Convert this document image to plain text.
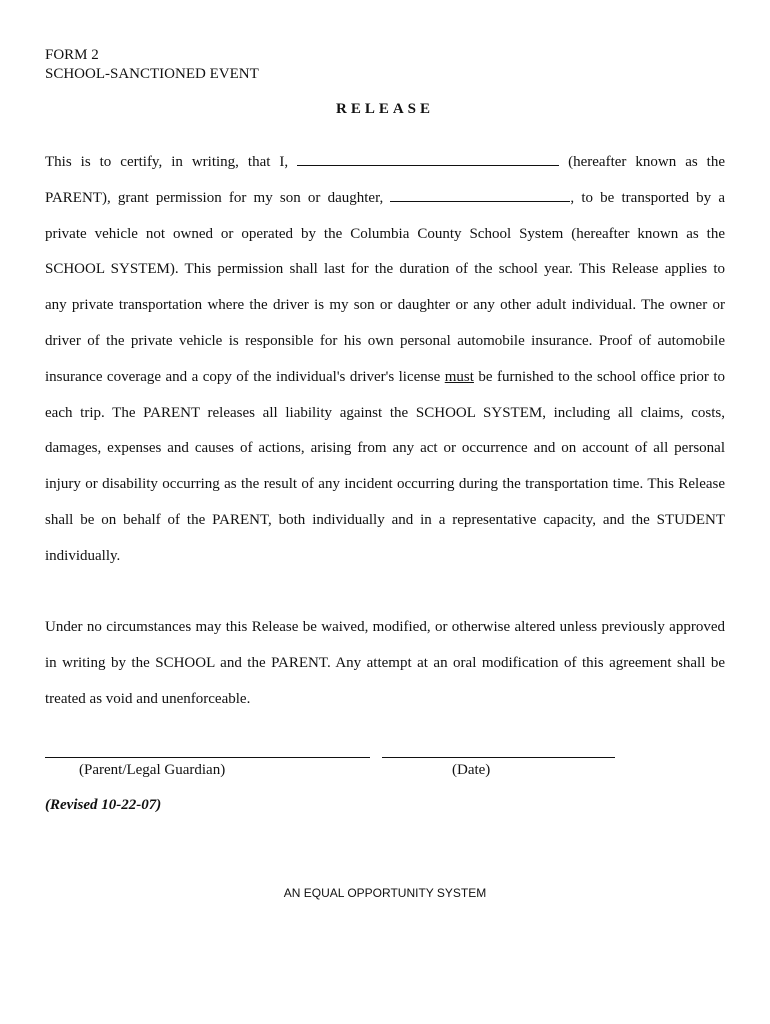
FORM 2
SCHOOL-SANCTIONED EVENT
RELEASE
This is to certify, in writing, that I,	(hereafter known as the
PARENT), grant permission for my son or daughter,	, to be transported by a
private vehicle not owned or operated by the Columbia County School System (hereafter known as the
SCHOOL SYSTEM). This permission shall last for the duration of the school year. This Release applies to
any private transportation where the driver is my son or daughter or any other adult individual. The owner or
driver of the private vehicle is responsible for his own personal automobile insurance. Proof of automobile
insurance coverage and a copy of the individual's driver's license must be furnished to the school office prior to
each trip. The PARENT releases all liability against the SCHOOL SYSTEM, including all claims, costs,
damages, expenses and causes of actions, arising from any act or occurrence and on account of all personal
injury or disability occurring as the result of any incident occurring during the transportation time. This Release
shall be on behalf of the PARENT, both individually and in a representative capacity, and the STUDENT
individually.
Under no circumstances may this Release be waived, modified, or otherwise altered unless previously approved
in writing by the SCHOOL and the PARENT. Any attempt at an oral modification of this agreement shall be
treated as void and unenforceable.
(Parent/Legal Guardian)	(Date)
(Revised 10-22-07)
AN EQUAL OPPORTUNITY SYSTEM
